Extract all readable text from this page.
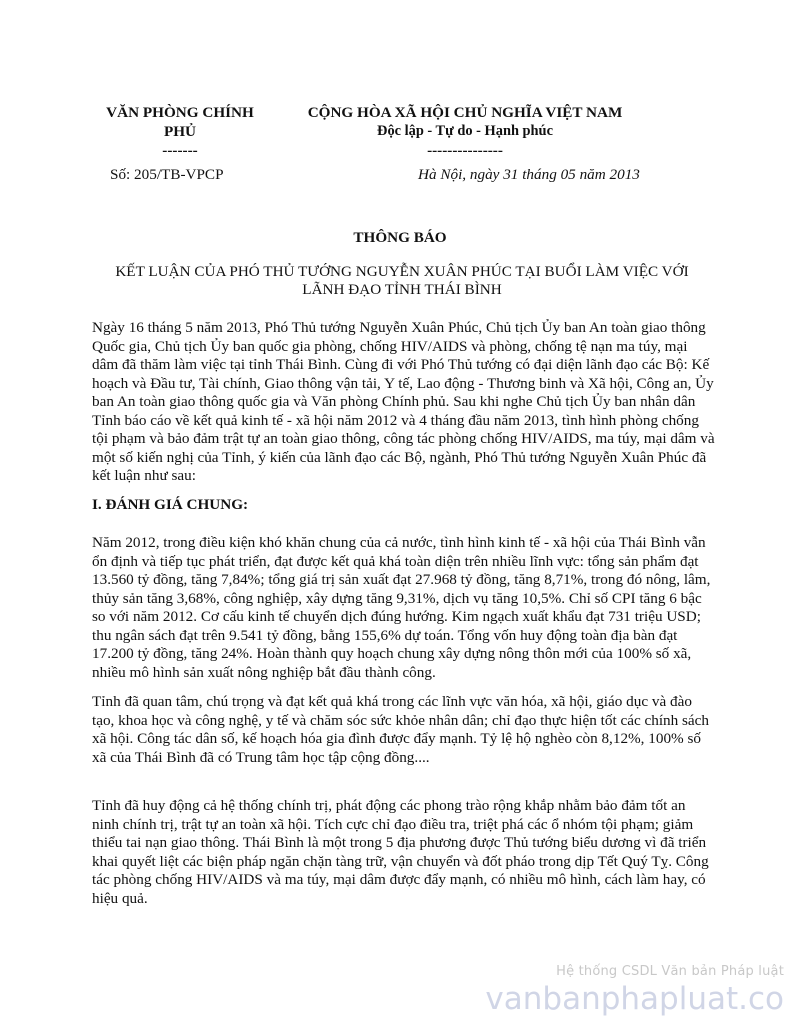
VĂN PHÒNG CHÍNH
PHỦ
-------
CỘNG HÒA XÃ HỘI CHỦ NGHĨA VIỆT NAM
Độc lập - Tự do - Hạnh phúc
---------------
Số: 205/TB-VPCP	Hà Nội, ngày 31 tháng 05 năm 2013
THÔNG BÁO
KẾT LUẬN CỦA PHÓ THỦ TƯỚNG NGUYỄN XUÂN PHÚC TẠI BUỔI LÀM VIỆC VỚI
LÃNH ĐẠO TỈNH THÁI BÌNH
Ngày 16 tháng 5 năm 2013, Phó Thủ tướng Nguyễn Xuân Phúc, Chủ tịch Ủy ban An toàn giao thông Quốc gia, Chủ tịch Ủy ban quốc gia phòng, chống HIV/AIDS và phòng, chống tệ nạn ma túy, mại dâm đã thăm làm việc tại tỉnh Thái Bình. Cùng đi với Phó Thủ tướng có đại diện lãnh đạo các Bộ: Kế hoạch và Đầu tư, Tài chính, Giao thông vận tải, Y tế, Lao động - Thương binh và Xã hội, Công an, Ủy ban An toàn giao thông quốc gia và Văn phòng Chính phủ. Sau khi nghe Chủ tịch Ủy ban nhân dân Tỉnh báo cáo về kết quả kinh tế - xã hội năm 2012 và 4 tháng đầu năm 2013, tình hình phòng chống tội phạm và bảo đảm trật tự an toàn giao thông, công tác phòng chống HIV/AIDS, ma túy, mại dâm và một số kiến nghị của Tỉnh, ý kiến của lãnh đạo các Bộ, ngành, Phó Thủ tướng Nguyễn Xuân Phúc đã kết luận như sau:
I. ĐÁNH GIÁ CHUNG:
Năm 2012, trong điều kiện khó khăn chung của cả nước, tình hình kinh tế - xã hội của Thái Bình vẫn ổn định và tiếp tục phát triển, đạt được kết quả khá toàn diện trên nhiều lĩnh vực: tổng sản phẩm đạt 13.560 tỷ đồng, tăng 7,84%; tổng giá trị sản xuất đạt 27.968 tỷ đồng, tăng 8,71%, trong đó nông, lâm, thủy sản tăng 3,68%, công nghiệp, xây dựng tăng 9,31%, dịch vụ tăng 10,5%. Chỉ số CPI tăng 6 bậc so với năm 2012. Cơ cấu kinh tế chuyển dịch đúng hướng. Kim ngạch xuất khẩu đạt 731 triệu USD; thu ngân sách đạt trên 9.541 tỷ đồng, bằng 155,6% dự toán. Tổng vốn huy động toàn địa bàn đạt 17.200 tỷ đồng, tăng 24%. Hoàn thành quy hoạch chung xây dựng nông thôn mới của 100% số xã, nhiều mô hình sản xuất nông nghiệp bắt đầu thành công.
Tỉnh đã quan tâm, chú trọng và đạt kết quả khá trong các lĩnh vực văn hóa, xã hội, giáo dục và đào tạo, khoa học và công nghệ, y tế và chăm sóc sức khỏe nhân dân; chỉ đạo thực hiện tốt các chính sách xã hội. Công tác dân số, kế hoạch hóa gia đình được đẩy mạnh. Tỷ lệ hộ nghèo còn 8,12%, 100% số xã của Thái Bình đã có Trung tâm học tập cộng đồng....
Tỉnh đã huy động cả hệ thống chính trị, phát động các phong trào rộng khắp nhằm bảo đảm tốt an ninh chính trị, trật tự an toàn xã hội. Tích cực chỉ đạo điều tra, triệt phá các ổ nhóm tội phạm; giảm thiểu tai nạn giao thông. Thái Bình là một trong 5 địa phương được Thủ tướng biểu dương vì đã triển khai quyết liệt các biện pháp ngăn chặn tàng trữ, vận chuyển và đốt pháo trong dịp Tết Quý Tỵ. Công tác phòng chống HIV/AIDS và ma túy, mại dâm được đẩy mạnh, có nhiều mô hình, cách làm hay, có hiệu quả.
Hệ thống CSDL Văn bản Pháp luật
vanbanphapluat.co
